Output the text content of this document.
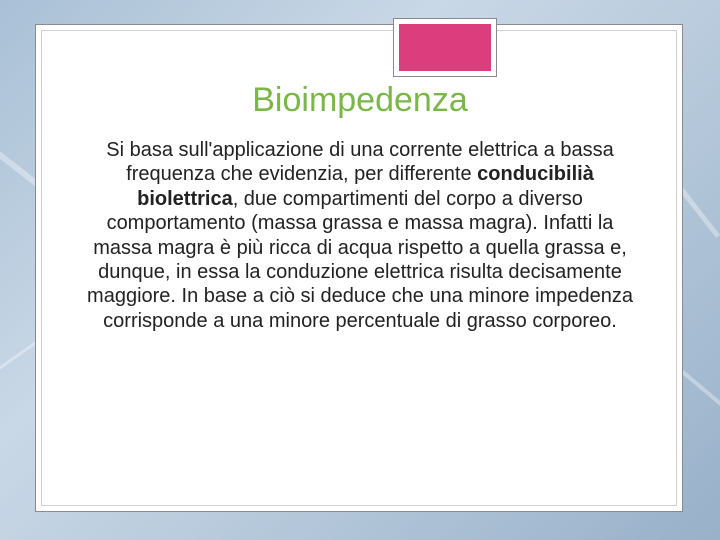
Bioimpedenza
Si basa sull'applicazione di una corrente elettrica a bassa frequenza che evidenzia, per differente conducibilià biolettrica, due compartimenti del corpo a diverso comportamento (massa grassa e massa magra). Infatti la massa magra è più ricca di acqua rispetto a quella grassa e, dunque, in essa la conduzione elettrica risulta decisamente maggiore. In base a ciò si deduce che una minore impedenza corrisponde a una minore percentuale di grasso corporeo.
